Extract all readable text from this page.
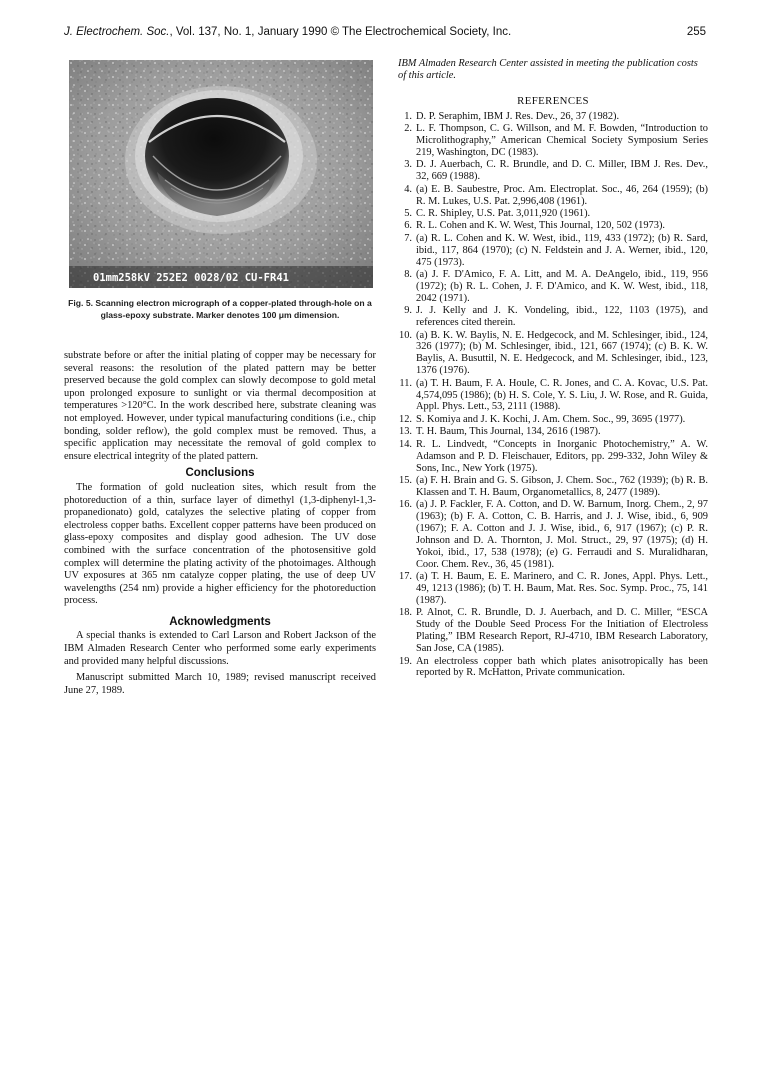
J. Electrochem. Soc., Vol. 137, No. 1, January 1990 © The Electrochemical Society, Inc.	255
01mm258kV 252E2 0028/02 CU-FR41
Fig. 5. Scanning electron micrograph of a copper-plated through-hole on a glass-epoxy substrate. Marker denotes 100 μm dimension.

substrate before or after the initial plating of copper may be necessary for several reasons: the resolution of the plated pattern may be better preserved because the gold complex can slowly decompose to gold metal upon prolonged exposure to sunlight or via thermal decomposition at temperatures >120°C. In the work described here, substrate cleaning was not employed. However, under typical manufacturing conditions (i.e., chip bonding, solder reflow), the gold complex must be removed. Thus, a specific application may necessitate the removal of gold complex to ensure electrical integrity of the plated pattern.

Conclusions

The formation of gold nucleation sites, which result from the photoreduction of a thin, surface layer of dimethyl (1,3-diphenyl-1,3-propanedionato) gold, catalyzes the selective plating of copper from electroless copper baths. Excellent copper patterns have been produced on glass-epoxy composites and display good adhesion. The UV dose combined with the surface concentration of the photosensitive gold complex will determine the plating activity of the photoimages. Although UV exposures at 365 nm catalyze copper plating, the use of deep UV wavelengths (254 nm) provide a higher efficiency for the photoreduction process.

Acknowledgments

A special thanks is extended to Carl Larson and Robert Jackson of the IBM Almaden Research Center who performed some early experiments and provided many helpful discussions.

Manuscript submitted March 10, 1989; revised manuscript received June 27, 1989.

IBM Almaden Research Center assisted in meeting the publication costs of this article.

REFERENCES
1. D. P. Seraphim, IBM J. Res. Dev., 26, 37 (1982).
2. L. F. Thompson, C. G. Willson, and M. F. Bowden, “Introduction to Microlithography,” American Chemical Society Symposium Series 219, Washington, DC (1983).
3. D. J. Auerbach, C. R. Brundle, and D. C. Miller, IBM J. Res. Dev., 32, 669 (1988).
4. (a) E. B. Saubestre, Proc. Am. Electroplat. Soc., 46, 264 (1959); (b) R. M. Lukes, U.S. Pat. 2,996,408 (1961).
5. C. R. Shipley, U.S. Pat. 3,011,920 (1961).
6. R. L. Cohen and K. W. West, This Journal, 120, 502 (1973).
7. (a) R. L. Cohen and K. W. West, ibid., 119, 433 (1972); (b) R. Sard, ibid., 117, 864 (1970); (c) N. Feldstein and J. A. Werner, ibid., 120, 475 (1973).
8. (a) J. F. D'Amico, F. A. Litt, and M. A. DeAngelo, ibid., 119, 956 (1972); (b) R. L. Cohen, J. F. D'Amico, and K. W. West, ibid., 118, 2042 (1971).
9. J. J. Kelly and J. K. Vondeling, ibid., 122, 1103 (1975), and references cited therein.
10. (a) B. K. W. Baylis, N. E. Hedgecock, and M. Schlesinger, ibid., 124, 326 (1977); (b) M. Schlesinger, ibid., 121, 667 (1974); (c) B. K. W. Baylis, A. Busuttil, N. E. Hedgecock, and M. Schlesinger, ibid., 123, 1376 (1976).
11. (a) T. H. Baum, F. A. Houle, C. R. Jones, and C. A. Kovac, U.S. Pat. 4,574,095 (1986); (b) H. S. Cole, Y. S. Liu, J. W. Rose, and R. Guida, Appl. Phys. Lett., 53, 2111 (1988).
12. S. Komiya and J. K. Kochi, J. Am. Chem. Soc., 99, 3695 (1977).
13. T. H. Baum, This Journal, 134, 2616 (1987).
14. R. L. Lindvedt, “Concepts in Inorganic Photochemistry,” A. W. Adamson and P. D. Fleischauer, Editors, pp. 299-332, John Wiley & Sons, Inc., New York (1975).
15. (a) F. H. Brain and G. S. Gibson, J. Chem. Soc., 762 (1939); (b) R. B. Klassen and T. H. Baum, Organometallics, 8, 2477 (1989).
16. (a) J. P. Fackler, F. A. Cotton, and D. W. Barnum, Inorg. Chem., 2, 97 (1963); (b) F. A. Cotton, C. B. Harris, and J. J. Wise, ibid., 6, 909 (1967); F. A. Cotton and J. J. Wise, ibid., 6, 917 (1967); (c) P. R. Johnson and D. A. Thornton, J. Mol. Struct., 29, 97 (1975); (d) H. Yokoi, ibid., 17, 538 (1978); (e) G. Ferraudi and S. Muralidharan, Coor. Chem. Rev., 36, 45 (1981).
17. (a) T. H. Baum, E. E. Marinero, and C. R. Jones, Appl. Phys. Lett., 49, 1213 (1986); (b) T. H. Baum, Mat. Res. Soc. Symp. Proc., 75, 141 (1987).
18. P. Alnot, C. R. Brundle, D. J. Auerbach, and D. C. Miller, “ESCA Study of the Double Seed Process For the Initiation of Electroless Plating,” IBM Research Report, RJ-4710, IBM Research Laboratory, San Jose, CA (1985).
19. An electroless copper bath which plates anisotropically has been reported by R. McHatton, Private communication.
